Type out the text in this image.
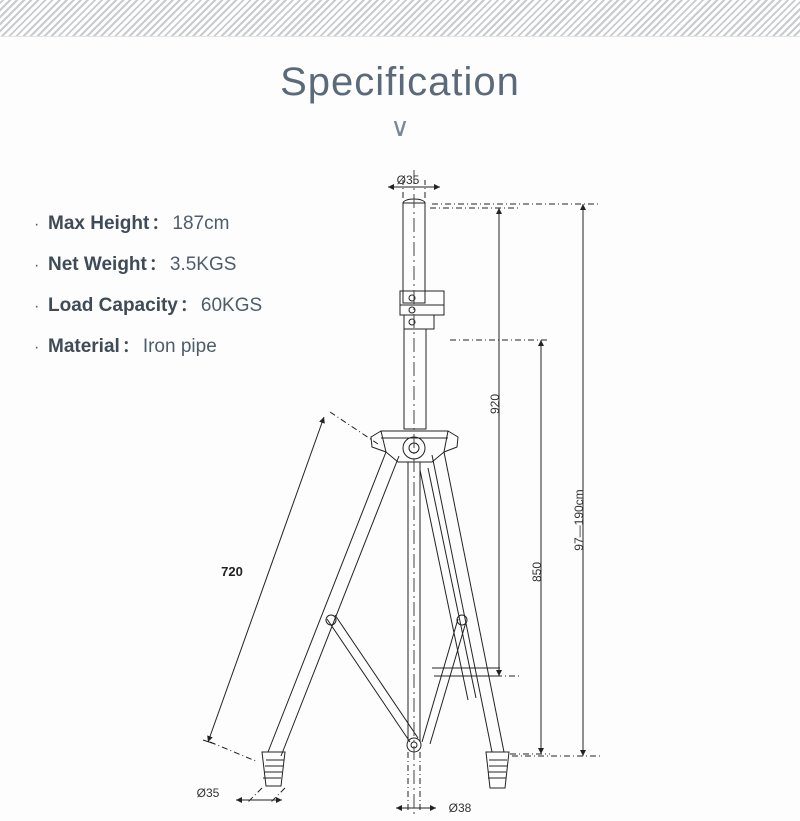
Specification
∨
· Max Height ： 187cm
· Net Weight ： 3.5KGS
· Load Capacity ： 60KGS
· Material ： Iron pipe
Ø35
720
920
850
97—190cm
Ø35
Ø38
